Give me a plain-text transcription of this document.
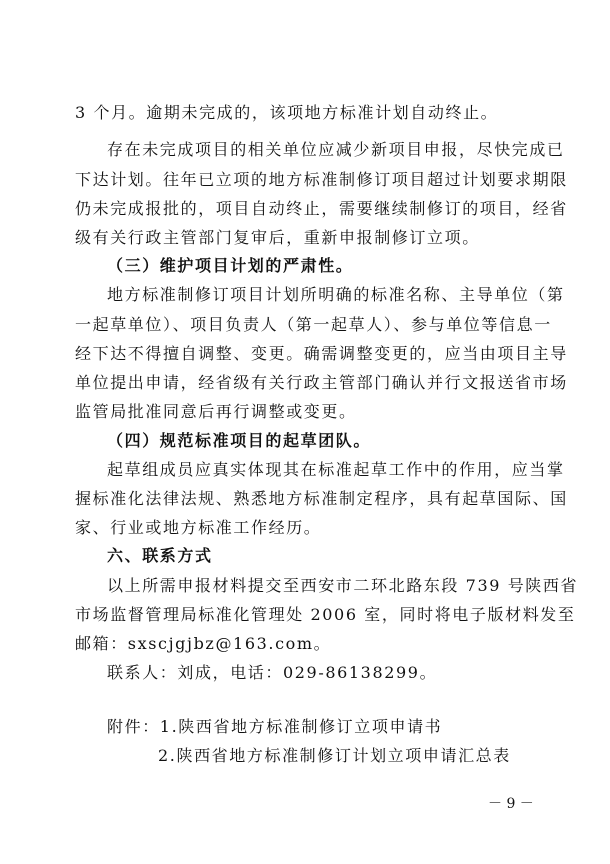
3 个月。逾期未完成的，该项地方标准计划自动终止。
存在未完成项目的相关单位应减少新项目申报，尽快完成已
下达计划。往年已立项的地方标准制修订项目超过计划要求期限
仍未完成报批的，项目自动终止，需要继续制修订的项目，经省
级有关行政主管部门复审后，重新申报制修订立项。
（三）维护项目计划的严肃性。
地方标准制修订项目计划所明确的标准名称、主导单位（第
一起草单位）、项目负责人（第一起草人）、参与单位等信息一
经下达不得擅自调整、变更。确需调整变更的，应当由项目主导
单位提出申请，经省级有关行政主管部门确认并行文报送省市场
监管局批准同意后再行调整或变更。
（四）规范标准项目的起草团队。
起草组成员应真实体现其在标准起草工作中的作用，应当掌
握标准化法律法规、熟悉地方标准制定程序，具有起草国际、国
家、行业或地方标准工作经历。
六、联系方式
以上所需申报材料提交至西安市二环北路东段 739 号陕西省
市场监督管理局标准化管理处 2006 室，同时将电子版材料发至
邮箱：sxscjgjbz@163.com。
联系人：刘成，电话：029-86138299。
附件：1.陕西省地方标准制修订立项申请书
2.陕西省地方标准制修订计划立项申请汇总表
－ 9 －
